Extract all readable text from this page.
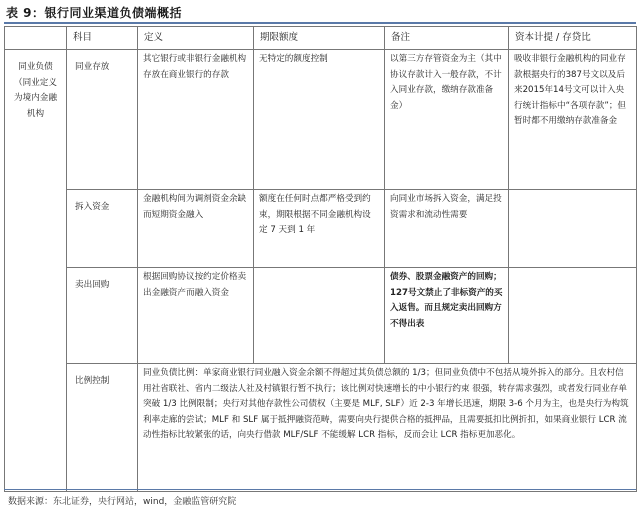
表 9：银行同业渠道负债端概括
	科目	定义	期限额度	备注	资本计提 / 存贷比
同业负债（同业定义为境内金融机构	同业存放	其它银行或非银行金融机构存放在商业银行的存款	无特定的额度控制	以第三方存管资金为主（其中协议存款计入一般存款，不计入同业存款，缴纳存款准备金）	吸收非银行金融机构的同业存款根据央行的387号文以及后来2015年14号文可以计入央行统计指标中“各项存款”；但暂时都不用缴纳存款准备金
	拆入资金	金融机构间为调剂资金余缺而短期资金融入	额度在任何时点都严格受到约束，期限根据不同金融机构设定 7 天到 1 年	向同业市场拆入资金，满足投资需求和流动性需要	
	卖出回购	根据回购协议按约定价格卖出金融资产而融入资金		债券、股票金融资产的回购；127号文禁止了非标资产的买入返售。而且规定卖出回购方不得出表	
	比例控制	同业负债比例：单家商业银行同业融入资金余额不得超过其负债总额的 1/3；但同业负债中不包括从境外拆入的部分。且农村信用社省联社、省内二级法人社及村镇银行暂不执行；该比例对快速增长的中小银行约束 很强，转存需求强烈，或者发行同业存单突破 1/3 比例限制；央行对其他存款性公司债权（主要是 MLF, SLF）近 2-3 年增长迅速，期限 3-6 个月为主，也是央行为构筑利率走廊的尝试；MLF 和 SLF 属于抵押融资范畴，需要向央行提供合格的抵押品，且需要抵扣比例折扣，如果商业银行 LCR 流动性指标比较紧张的话，向央行借款 MLF/SLF 不能缓解 LCR 指标，反而会让 LCR 指标更加恶化。			
数据来源：东北证券，央行网站，wind，金融监管研究院
